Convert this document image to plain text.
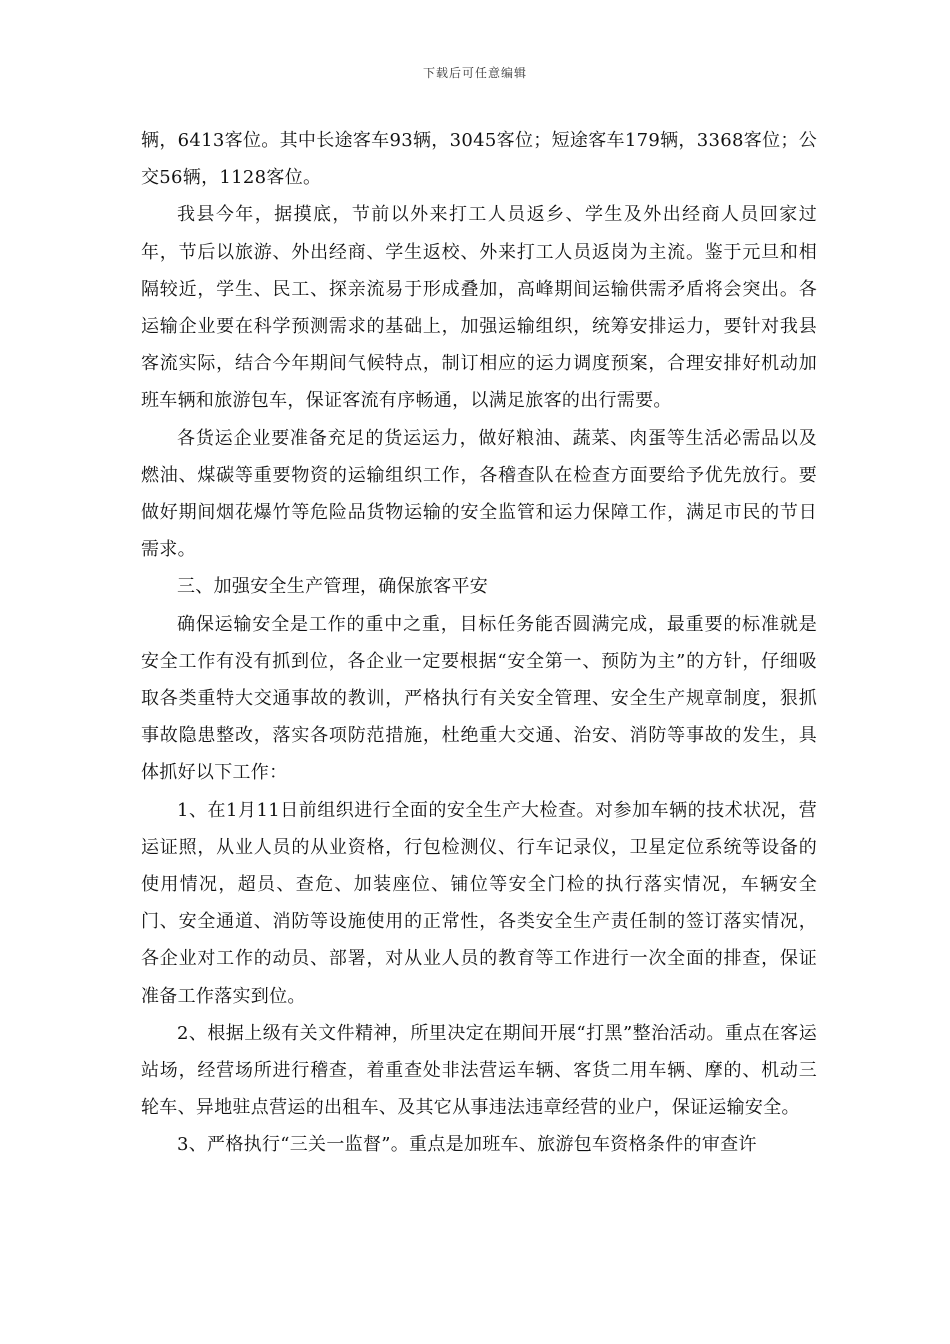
下载后可任意编辑

辆，6413客位。其中长途客车93辆，3045客位；短途客车179辆，3368客位；公交56辆，1128客位。

我县今年，据摸底，节前以外来打工人员返乡、学生及外出经商人员回家过年，节后以旅游、外出经商、学生返校、外来打工人员返岗为主流。鉴于元旦和相隔较近，学生、民工、探亲流易于形成叠加，高峰期间运输供需矛盾将会突出。各运输企业要在科学预测需求的基础上，加强运输组织，统筹安排运力，要针对我县客流实际，结合今年期间气候特点，制订相应的运力调度预案，合理安排好机动加班车辆和旅游包车，保证客流有序畅通，以满足旅客的出行需要。

各货运企业要准备充足的货运运力，做好粮油、蔬菜、肉蛋等生活必需品以及燃油、煤碳等重要物资的运输组织工作，各稽查队在检查方面要给予优先放行。要做好期间烟花爆竹等危险品货物运输的安全监管和运力保障工作，满足市民的节日需求。

三、加强安全生产管理，确保旅客平安

确保运输安全是工作的重中之重，目标任务能否圆满完成，最重要的标准就是安全工作有没有抓到位，各企业一定要根据“安全第一、预防为主”的方针，仔细吸取各类重特大交通事故的教训，严格执行有关安全管理、安全生产规章制度，狠抓事故隐患整改，落实各项防范措施，杜绝重大交通、治安、消防等事故的发生，具体抓好以下工作：

1、在1月11日前组织进行全面的安全生产大检查。对参加车辆的技术状况，营运证照，从业人员的从业资格，行包检测仪、行车记录仪，卫星定位系统等设备的使用情况，超员、查危、加装座位、铺位等安全门检的执行落实情况，车辆安全门、安全通道、消防等设施使用的正常性，各类安全生产责任制的签订落实情况，各企业对工作的动员、部署，对从业人员的教育等工作进行一次全面的排查，保证准备工作落实到位。

2、根据上级有关文件精神，所里决定在期间开展“打黑”整治活动。重点在客运站场，经营场所进行稽查，着重查处非法营运车辆、客货二用车辆、摩的、机动三轮车、异地驻点营运的出租车、及其它从事违法违章经营的业户，保证运输安全。

3、严格执行“三关一监督”。重点是加班车、旅游包车资格条件的审查许
